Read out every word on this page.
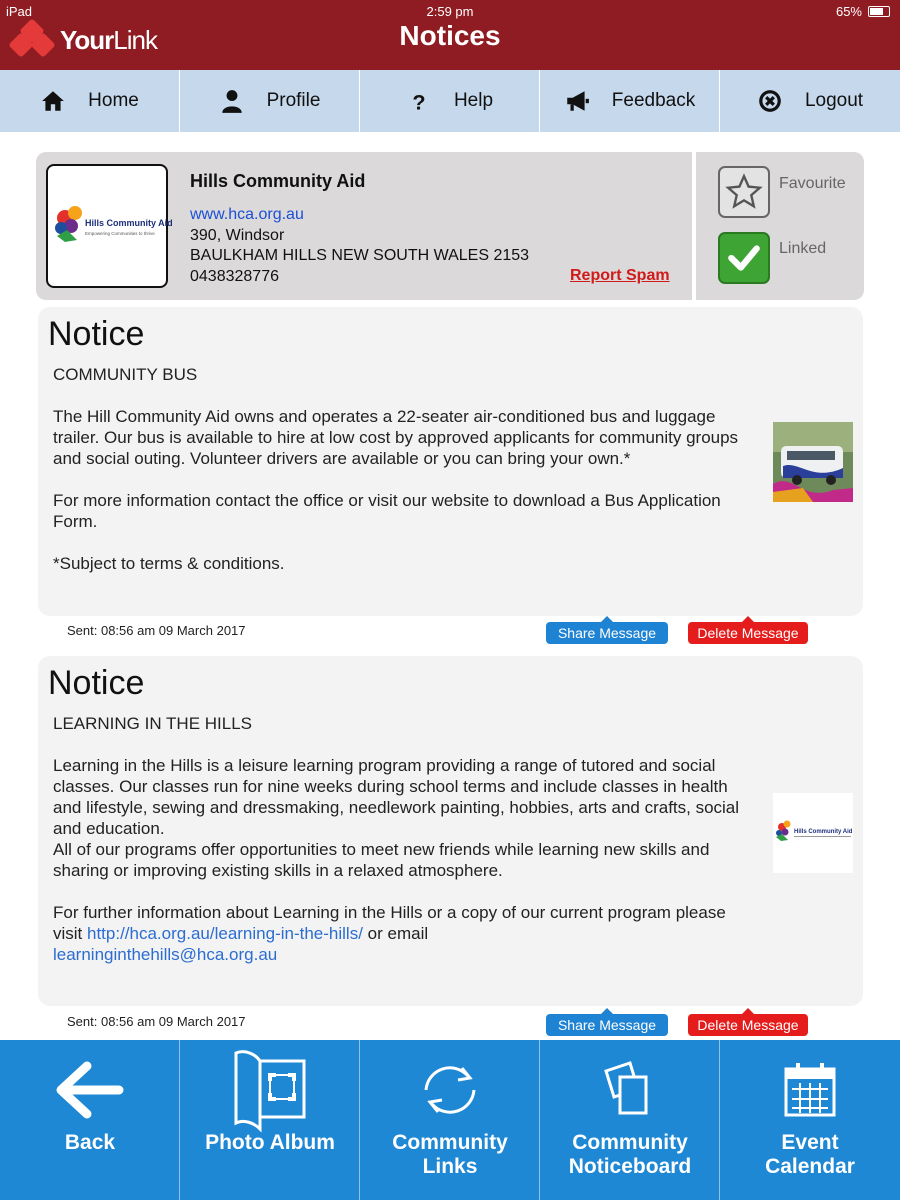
iPad	2:59 pm	65%
YourLink	Notices
Home	Profile	? Help	Feedback	Logout
Hills Community Aid
Empowering Communities to thrive
Hills Community Aid
www.hca.org.au
390, Windsor
BAULKHAM HILLS NEW SOUTH WALES 2153
0438328776	Report Spam
Favourite
Linked
Notice

COMMUNITY BUS

The Hill Community Aid owns and operates a 22-seater air-conditioned bus and luggage trailer. Our bus is available to hire at low cost by approved applicants for community groups and social outing. Volunteer drivers are available or you can bring your own.*

For more information contact the office or visit our website to download a Bus Application Form.

*Subject to terms & conditions.

Sent: 08:56 am 09 March 2017	Share Message	Delete Message
Notice

LEARNING IN THE HILLS

Learning in the Hills is a leisure learning program providing a range of tutored and social classes. Our classes run for nine weeks during school terms and include classes in health and lifestyle, sewing and dressmaking, needlework painting, hobbies, arts and crafts, social and education.

All of our programs offer opportunities to meet new friends while learning new skills and sharing or improving existing skills in a relaxed atmosphere.

For further information about Learning in the Hills or a copy of our current program please visit http://hca.org.au/learning-in-the-hills/ or email
learninginthehills@hca.org.au

Hills Community Aid
Sent: 08:56 am 09 March 2017	Share Message	Delete Message
Back	Photo Album	Community Links
Community Noticeboard
Event Calendar
